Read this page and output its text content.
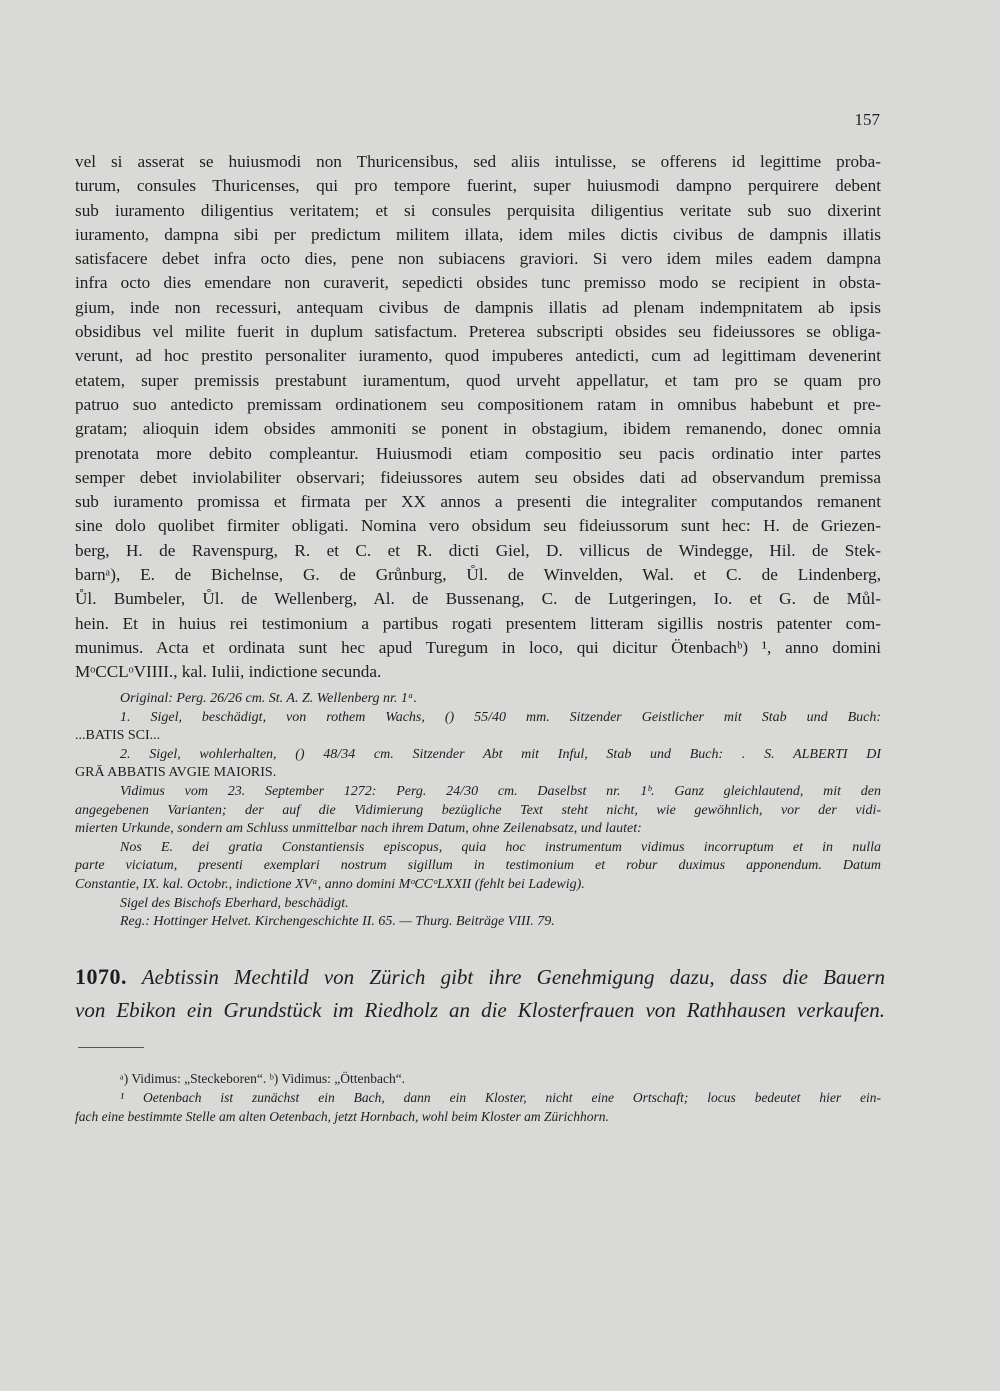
157
vel si asserat se huiusmodi non Thuricensibus, sed aliis intulisse, se offerens id legittime proba-
turum, consules Thuricenses, qui pro tempore fuerint, super huiusmodi dampno perquirere debent
sub iuramento diligentius veritatem; et si consules perquisita diligentius veritate sub suo dixerint
iuramento, dampna sibi per predictum militem illata, idem miles dictis civibus de dampnis illatis
satisfacere debet infra octo dies, pene non subiacens graviori. Si vero idem miles eadem dampna
infra octo dies emendare non curaverit, sepedicti obsides tunc premisso modo se recipient in obsta-
gium, inde non recessuri, antequam civibus de dampnis illatis ad plenam indempnitatem ab ipsis
obsidibus vel milite fuerit in duplum satisfactum. Preterea subscripti obsides seu fideiussores se obliga-
verunt, ad hoc prestito personaliter iuramento, quod impuberes antedicti, cum ad legittimam devenerint
etatem, super premissis prestabunt iuramentum, quod urveht appellatur, et tam pro se quam pro
patruo suo antedicto premissam ordinationem seu compositionem ratam in omnibus habebunt et pre-
gratam; alioquin idem obsides ammoniti se ponent in obstagium, ibidem remanendo, donec omnia
prenotata more debito compleantur. Huiusmodi etiam compositio seu pacis ordinatio inter partes
semper debet inviolabiliter observari; fideiussores autem seu obsides dati ad observandum premissa
sub iuramento promissa et firmata per XX annos a presenti die integraliter computandos remanent
sine dolo quolibet firmiter obligati. Nomina vero obsidum seu fideiussorum sunt hec: H. de Griezen-
berg, H. de Ravenspurg, R. et C. et R. dicti Giel, D. villicus de Windegge, Hil. de Stek-
barnᵃ), E. de Bichelnse, G. de Grůnburg, Ůl. de Winvelden, Wal. et C. de Lindenberg,
Ůl. Bumbeler, Ůl. de Wellenberg, Al. de Bussenang, C. de Lutgeringen, Io. et G. de Můl-
hein. Et in huius rei testimonium a partibus rogati presentem litteram sigillis nostris patenter com-
munimus. Acta et ordinata sunt hec apud Turegum in loco, qui dicitur Ötenbachᵇ) ¹, anno domini
MᵒCCLᵒVIIII., kal. Iulii, indictione secunda.
Original: Perg. 26/26 cm. St. A. Z. Wellenberg nr. 1ᵃ.
1. Sigel, beschädigt, von rothem Wachs, () 55/40 mm. Sitzender Geistlicher mit Stab und Buch:
...BATIS SCI...
2. Sigel, wohlerhalten, () 48/34 cm. Sitzender Abt mit Inful, Stab und Buch: . S. ALBERTI DI
GRĀ ABBATIS AVGIE MAIORIS.
Vidimus vom 23. September 1272: Perg. 24/30 cm. Daselbst nr. 1ᵇ. Ganz gleichlautend, mit den
angegebenen Varianten; der auf die Vidimierung bezügliche Text steht nicht, wie gewöhnlich, vor der vidi-
mierten Urkunde, sondern am Schluss unmittelbar nach ihrem Datum, ohne Zeilenabsatz, und lautet:
Nos E. dei gratia Constantiensis episcopus, quia hoc instrumentum vidimus incorruptum et in nulla
parte viciatum, presenti exemplari nostrum sigillum in testimonium et robur duximus apponendum. Datum
Constantie, IX. kal. Octobr., indictione XVᵃ, anno domini MᵒCCᵒLXXII (fehlt bei Ladewig).
Sigel des Bischofs Eberhard, beschädigt.
Reg.: Hottinger Helvet. Kirchengeschichte II. 65. — Thurg. Beiträge VIII. 79.
1070. Aebtissin Mechtild von Zürich gibt ihre Genehmigung dazu, dass die Bauern
von Ebikon ein Grundstück im Riedholz an die Klosterfrauen von Rathhausen verkaufen.
ᵃ) Vidimus: „Steckeboren“. ᵇ) Vidimus: „Öttenbach“.
¹ Oetenbach ist zunächst ein Bach, dann ein Kloster, nicht eine Ortschaft; locus bedeutet hier ein-
fach eine bestimmte Stelle am alten Oetenbach, jetzt Hornbach, wohl beim Kloster am Zürichhorn.
